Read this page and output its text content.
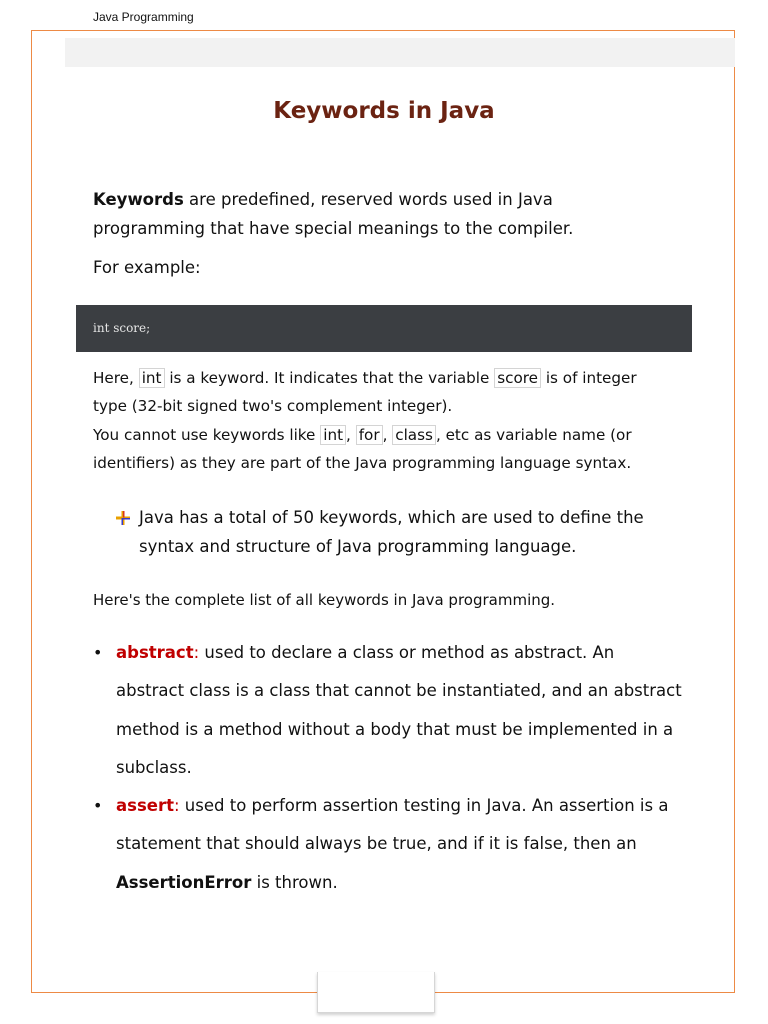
Java Programming
Keywords in Java

Keywords are predefined, reserved words used in Java programming that have special meanings to the compiler.

For example:

int score;

Here, int is a keyword. It indicates that the variable score is of integer type (32-bit signed two's complement integer).
You cannot use keywords like int , for , class , etc as variable name (or identifiers) as they are part of the Java programming language syntax.

Java has a total of 50 keywords, which are used to define the syntax and structure of Java programming language.

Here's the complete list of all keywords in Java programming.

• abstract: used to declare a class or method as abstract. An abstract class is a class that cannot be instantiated, and an abstract method is a method without a body that must be implemented in a subclass.
• assert: used to perform assertion testing in Java. An assertion is a statement that should always be true, and if it is false, then an AssertionError is thrown.
